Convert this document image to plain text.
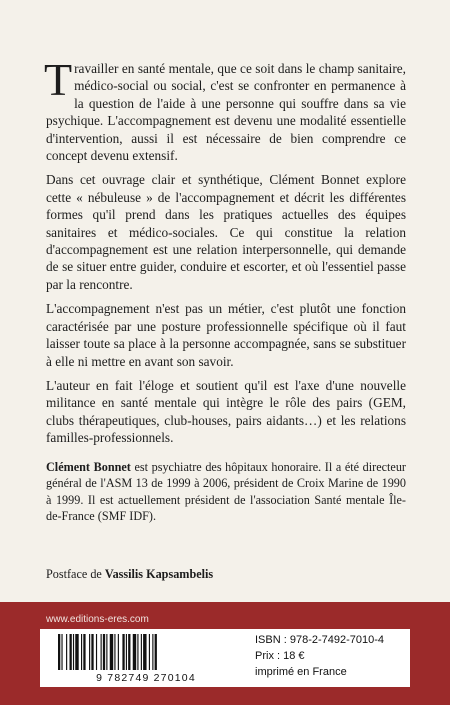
Travailler en santé mentale, que ce soit dans le champ sanitaire, médico-social ou social, c'est se confronter en permanence à la question de l'aide à une personne qui souffre dans sa vie psychique. L'accompagnement est devenu une modalité essentielle d'intervention, aussi il est nécessaire de bien comprendre ce concept devenu extensif.

Dans cet ouvrage clair et synthétique, Clément Bonnet explore cette « nébuleuse » de l'accompagnement et décrit les différentes formes qu'il prend dans les pratiques actuelles des équipes sanitaires et médico-sociales. Ce qui constitue la relation d'accompagnement est une relation interpersonnelle, qui demande de se situer entre guider, conduire et escorter, et où l'essentiel passe par la rencontre.

L'accompagnement n'est pas un métier, c'est plutôt une fonction caractérisée par une posture professionnelle spécifique où il faut laisser toute sa place à la personne accompagnée, sans se substituer à elle ni mettre en avant son savoir.

L'auteur en fait l'éloge et soutient qu'il est l'axe d'une nouvelle militance en santé mentale qui intègre le rôle des pairs (GEM, clubs thérapeutiques, club-houses, pairs aidants…) et les relations familles-professionnels.

Clément Bonnet est psychiatre des hôpitaux honoraire. Il a été directeur général de l'ASM 13 de 1999 à 2006, président de Croix Marine de 1990 à 1999. Il est actuellement président de l'association Santé mentale Île-de-France (SMF IDF).

Postface de Vassilis Kapsambelis
www.editions-eres.com
9 782749 270104
ISBN : 978-2-7492-7010-4
Prix : 18 €
imprimé en France
